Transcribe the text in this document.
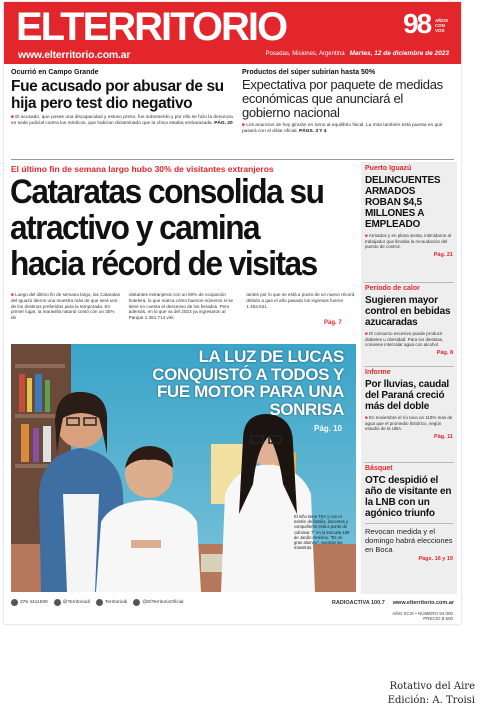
ELTERRITORIO
www.elterritorio.com.ar
98 AÑOS
CON
VOS
Posadas, Misiones, Argentina Martes, 12 de diciembre de 2023
Ocurrió en Campo Grande
Fue acusado por abusar de su hija pero test dio negativo
■ El acusado, que posee una discapacidad y estuvo preso, fue sobreseído y por ello se hizo la denuncia en sede judicial contra los médicos, que habrían dictaminado que la chica estaba embarazada. PÁG. 20
Productos del súper subirían hasta 50%
Expectativa por paquete de medidas económicas que anunciará el gobierno nacional
■ Los anuncios de hoy girarán en torno al equilibrio fiscal. La mira también está puesta en qué pasará con el dólar oficial. PÁGS. 3 Y 4
El último fin de semana largo hubo 30% de visitantes extranjeros
Cataratas consolida su atractivo y camina hacia récord de visitas
■ Luego del último fin de semana largo, las Cataratas del Iguazú dieron una muestra más de que será uno de los destinos preferidos para la temporada. En primer lugar, la maravilla natural contó con un 30% de
visitantes extranjeros con un 80% de ocupación hotelera, lo que marca cómo buenos números si se tiene en cuenta el descenso de los feriados. Pero además, en lo que va del 2023 ya ingresaron al Parque 1.451.714 visi-
tantes por lo que se está a punto de un nuevo récord, debido a que el año pasado los ingresos fueron 1.453.641.
Pág. 7
Puerto Iguazú
DELINCUENTES ARMADOS ROBAN $4,5 MILLONES A EMPLEADO
■ Armados y en plena siesta, intimidaron al trabajador que llevaba la recaudación del puesto de control.
Pág. 21
Período de calor
Sugieren mayor control en bebidas azucaradas
■ El consumo excesivo puede producir diabetes u obesidad. Para los dietistas, conviene intercalar agua con alcohol.
Pág. 8
Informe
Por lluvias, caudal del Paraná creció más del doble
■ En noviembre el río tuvo un 119% más de agua que el promedio histórico, según estudio de la UBA.
Pág. 11
Básquet
OTC despidió el año de visitante en la LNB con un agónico triunfo
Revocan medida y el domingo habrá elecciones en Boca
Págs. 16 y 19
LA LUZ DE LUCAS CONQUISTÓ A TODOS Y FUE MOTOR PARA UNA SONRISA
Pág. 10
El niño tiene TEA y con el sostén de familia, docentes y compañeros está a punto de culminar 7° en la Escuela 186 de Jardín América. "Es un gran alumno", cuentan las maestras.
376 4411599	@Territoriodi	Territoriodi	@ElTerritorioOficial	RADIOACTIVA 100.7 www.elterritorio.com.ar
AÑO XCIX • NÚMERO 94.000
PRECIO $ 500
Rotativo del Aire
Edición: A. Troisi
